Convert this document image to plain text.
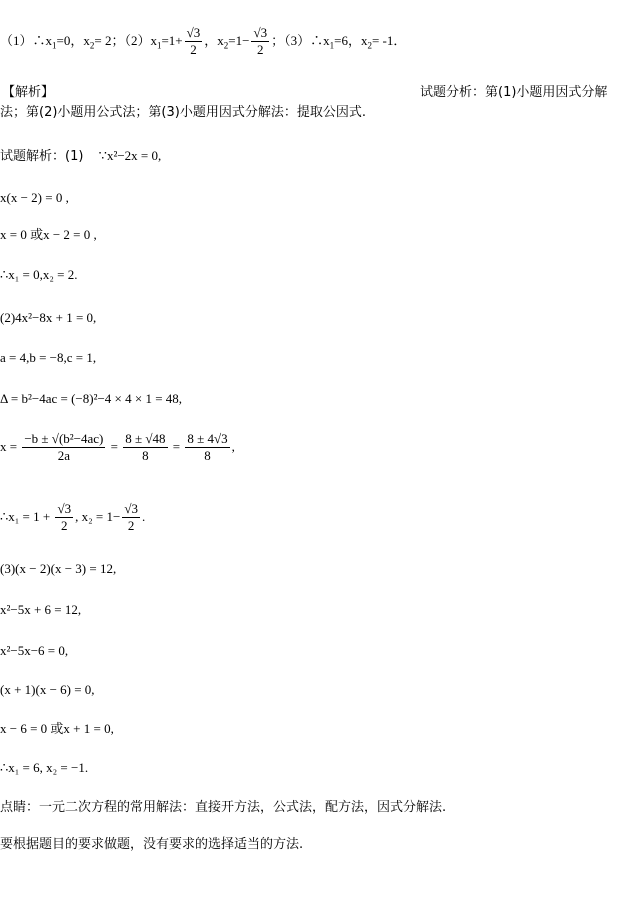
$(1)\therefore x_1=0$，$x_2= 2$；$(2)x_1=1+ \frac{√3}{2}$ ，$x_2=1- \frac{√3}{2}$ ；$(3)\therefore x_1=6$，$x_2= -1$．
【解析】	试题分析：第(1)小题用因式分解
法；第(2)小题用公式法；第(3)小题用因式分解法：提取公因式.
试题解析：(1) ∵x²−2x = 0,
x(x − 2) = 0 ,
x = 0 或x − 2 = 0 ,
∴x₁ = 0,x₂ = 2.
(2)4x²−8x + 1 = 0,
a = 4,b = −8,c = 1,
Δ = b²−4ac = (−8)²−4 × 4 × 1 = 48,
$x = \frac{\text{−b ± √(b²−4ac)}}{2a} = \frac{8 \pm √48}{8} = \frac{8 \pm 4√3}{8}$ ,
∴x₁ = $1 + \frac{√3}{2}$ , $x_2 = 1- \frac{√3}{2}$ .
(3)(x − 2)(x − 3) = 12,
x²−5x + 6 = 12,
x²−5x−6 = 0,
(x + 1)(x − 6) = 0,
x − 6 = 0 或x + 1 = 0,
∴x₁ = 6, x₂ = −1.
点睛：一元二次方程的常用解法：直接开方法，公式法，配方法，因式分解法.
要根据题目的要求做题，没有要求的选择适当的方法.
